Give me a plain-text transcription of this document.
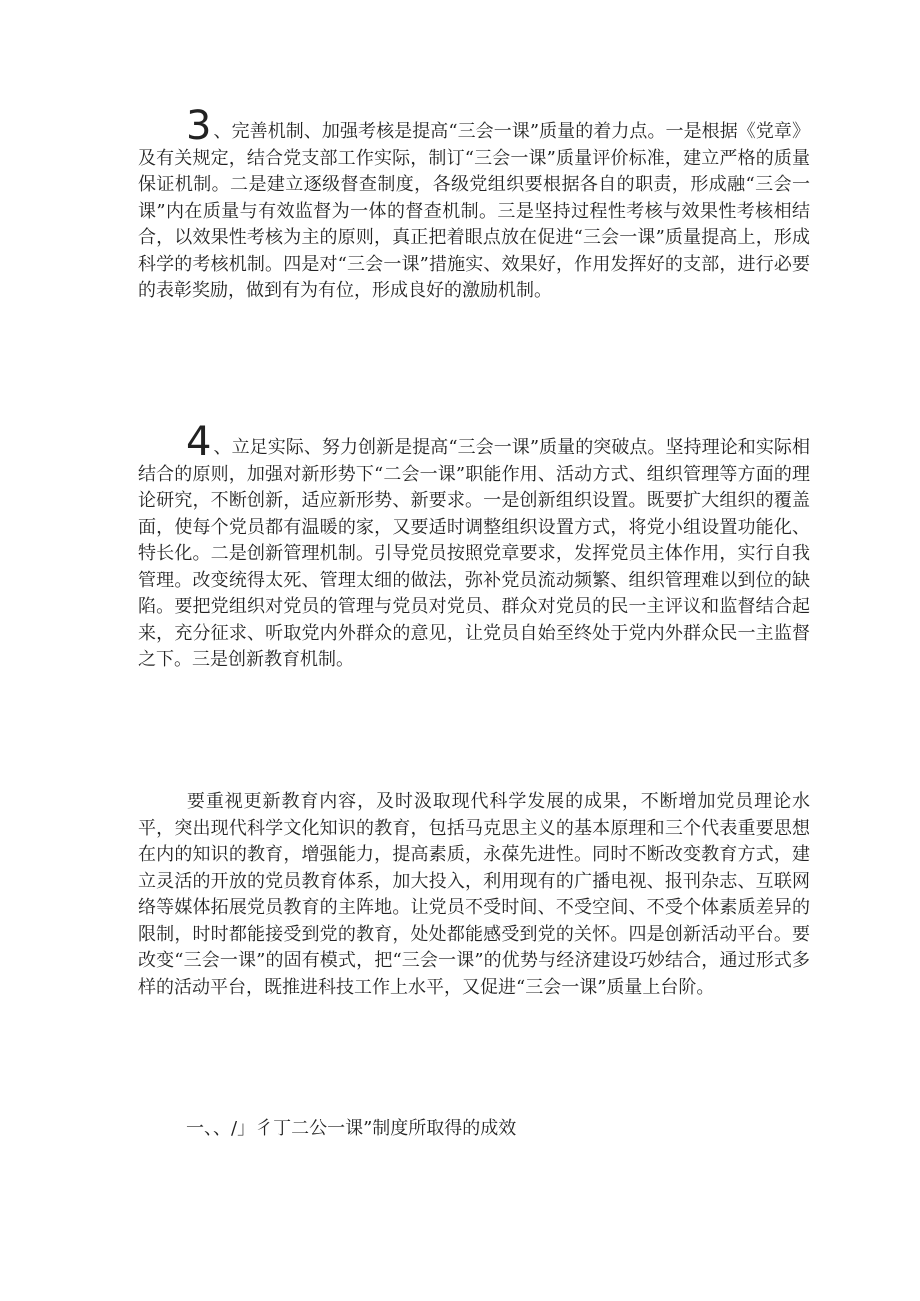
3 、完善机制、加强考核是提高“三会一课”质量的着力点。一是根据《党章》及有关规定，结合党支部工作实际，制订“三会一课”质量评价标准，建立严格的质量保证机制。二是建立逐级督查制度，各级党组织要根据各自的职责，形成融“三会一课”内在质量与有效监督为一体的督查机制。三是坚持过程性考核与效果性考核相结合，以效果性考核为主的原则，真正把着眼点放在促进“三会一课”质量提高上，形成科学的考核机制。四是对“三会一课”措施实、效果好，作用发挥好的支部，进行必要的表彰奖励，做到有为有位，形成良好的激励机制。

4 、立足实际、努力创新是提高“三会一课”质量的突破点。坚持理论和实际相结合的原则，加强对新形势下“二会一课”职能作用、活动方式、组织管理等方面的理论研究，不断创新，适应新形势、新要求。一是创新组织设置。既要扩大组织的覆盖面，使每个党员都有温暖的家，又要适时调整组织设置方式，将党小组设置功能化、特长化。二是创新管理机制。引导党员按照党章要求，发挥党员主体作用，实行自我管理。改变统得太死、管理太细的做法，弥补党员流动频繁、组织管理难以到位的缺陷。要把党组织对党员的管理与党员对党员、群众对党员的民一主评议和监督结合起来，充分征求、听取党内外群众的意见，让党员自始至终处于党内外群众民一主监督之下。三是创新教育机制。

要重视更新教育内容，及时汲取现代科学发展的成果，不断增加党员理论水平，突出现代科学文化知识的教育，包括马克思主义的基本原理和三个代表重要思想在内的知识的教育，增强能力，提高素质，永葆先进性。同时不断改变教育方式，建立灵活的开放的党员教育体系，加大投入，利用现有的广播电视、报刊杂志、互联网络等媒体拓展党员教育的主阵地。让党员不受时间、不受空间、不受个体素质差异的限制，时时都能接受到党的教育，处处都能感受到党的关怀。四是创新活动平台。要改变“三会一课”的固有模式，把“三会一课”的优势与经济建设巧妙结合，通过形式多样的活动平台，既推进科技工作上水平，又促进“三会一课”质量上台阶。

一、、/」彳丁二公一课”制度所取得的成效
